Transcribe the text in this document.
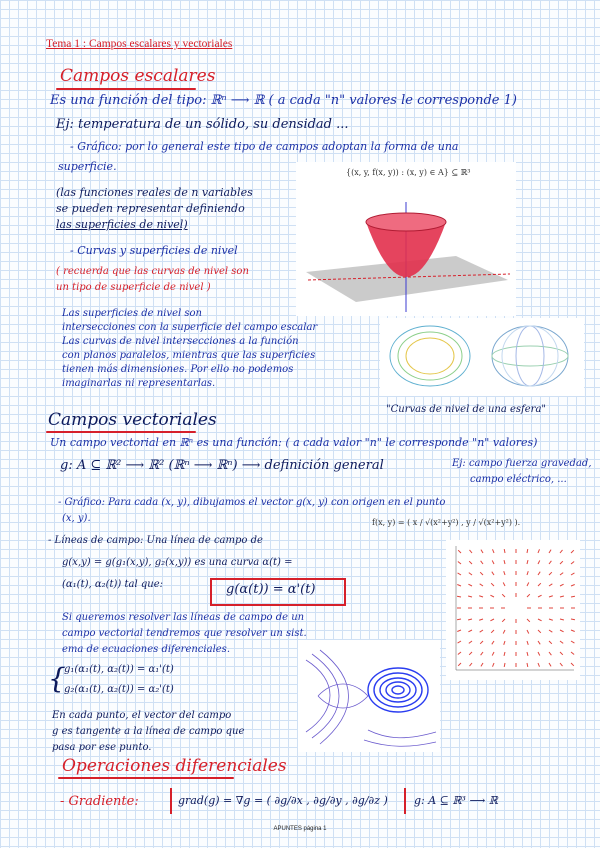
Tema 1 : Campos escalares y vectoriales
Campos escalares
Es una función del tipo: ℝⁿ ⟶ ℝ ( a cada "n" valores le corresponde 1)
Ej: temperatura de un sólido, su densidad ...
- Gráfico: por lo general este tipo de campos adoptan la forma de una
superficie.
(las funciones reales de n variables
se pueden representar definiendo
las superficies de nivel)
- Curvas y superficies de nivel
( recuerda que las curvas de nivel son
un tipo de superficie de nivel )
Las superficies de nivel son
intersecciones con la superficie del campo escalar
Las curvas de nivel intersecciones a la función
con planos paralelos, mientras que las superficies
tienen más dimensiones. Por ello no podemos
imaginarlas ni representarlas.
{(x, y, f(x, y)) : (x, y) ∈ A} ⊆ ℝ³
"Curvas de nivel de una esfera"
Campos vectoriales
Un campo vectorial en ℝⁿ es una función: ( a cada valor "n" le corresponde "n" valores)
g: A ⊆ ℝ² ⟶ ℝ² (ℝⁿ ⟶ ℝⁿ) ⟶ definición general	Ej: campo fuerza gravedad,
campo eléctrico, ...
- Gráfico: Para cada (x, y), dibujamos el vector g(x, y) con origen en el punto
(x, y).	f(x, y) = ( x / √(x²+y²) , y / √(x²+y²) ).
- Líneas de campo: Una línea de campo de
g(x,y) = g(g₁(x,y), g₂(x,y)) es una curva α(t) =
(α₁(t), α₂(t)) tal que:	g(α(t)) = α'(t)
Si queremos resolver las líneas de campo de un
campo vectorial tendremos que resolver un sist.
ema de ecuaciones diferenciales.
{
g₁(α₁(t), α₂(t)) = α₁'(t)
g₂(α₁(t), α₂(t)) = α₂'(t)
En cada punto, el vector del campo
g es tangente a la línea de campo que
pasa por ese punto.
Operaciones diferenciales
- Gradiente:	grad(g) = ∇g = ( ∂g/∂x , ∂g/∂y , ∂g/∂z ) g: A ⊆ ℝ³ ⟶ ℝ
APUNTES página 1
